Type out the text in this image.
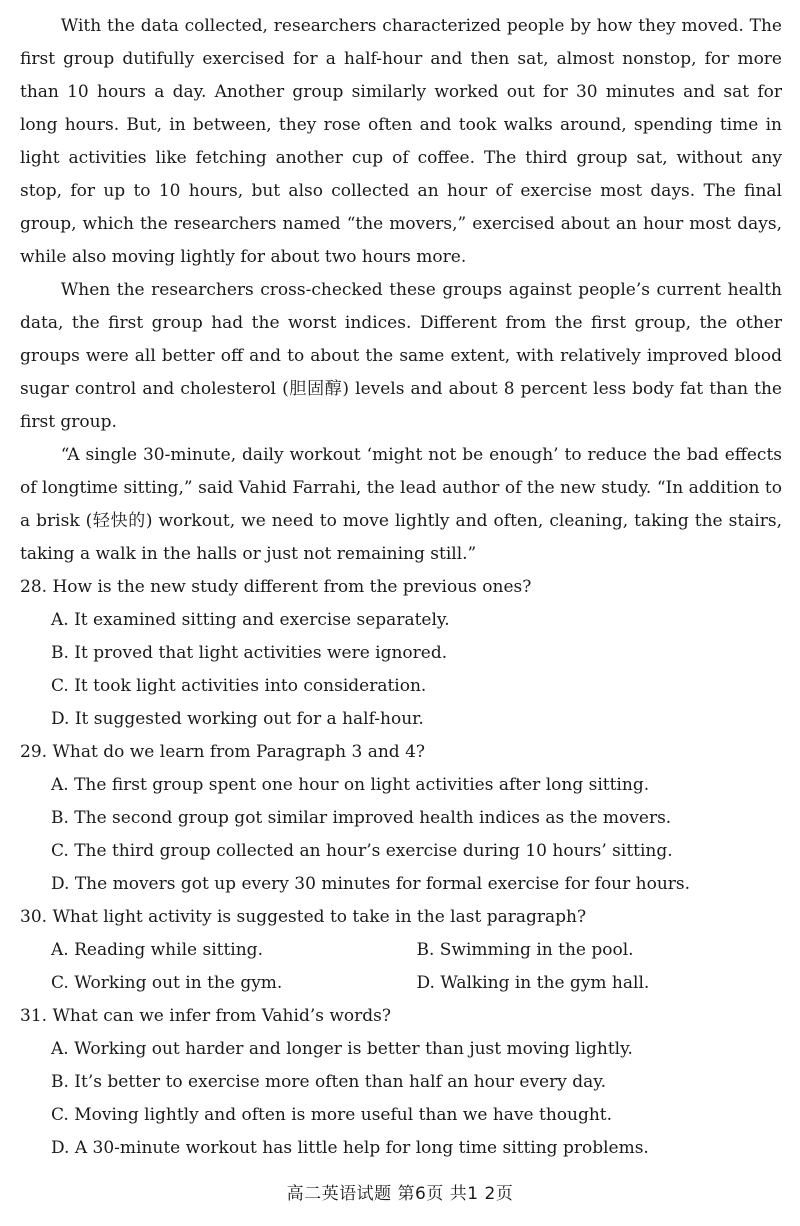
With the data collected, researchers characterized people by how they moved. The first group dutifully exercised for a half-hour and then sat, almost nonstop, for more than 10 hours a day. Another group similarly worked out for 30 minutes and sat for long hours. But, in between, they rose often and took walks around, spending time in light activities like fetching another cup of coffee. The third group sat, without any stop, for up to 10 hours, but also collected an hour of exercise most days. The final group, which the researchers named “the movers,” exercised about an hour most days, while also moving lightly for about two hours more.

When the researchers cross-checked these groups against people’s current health data, the first group had the worst indices. Different from the first group, the other groups were all better off and to about the same extent, with relatively improved blood sugar control and cholesterol (胆固醇) levels and about 8 percent less body fat than the first group.

“A single 30-minute, daily workout ‘might not be enough’ to reduce the bad effects of longtime sitting,” said Vahid Farrahi, the lead author of the new study. “In addition to a brisk (轻快的) workout, we need to move lightly and often, cleaning, taking the stairs, taking a walk in the halls or just not remaining still.”

28. How is the new study different from the previous ones?

A. It examined sitting and exercise separately.

B. It proved that light activities were ignored.

C. It took light activities into consideration.

D. It suggested working out for a half-hour.

29. What do we learn from Paragraph 3 and 4?

A. The first group spent one hour on light activities after long sitting.

B. The second group got similar improved health indices as the movers.

C. The third group collected an hour’s exercise during 10 hours’ sitting.

D. The movers got up every 30 minutes for formal exercise for four hours.

30. What light activity is suggested to take in the last paragraph?

A. Reading while sitting.	B. Swimming in the pool.
C. Working out in the gym.	D. Walking in the gym hall.

31. What can we infer from Vahid’s words?

A. Working out harder and longer is better than just moving lightly.

B. It’s better to exercise more often than half an hour every day.

C. Moving lightly and often is more useful than we have thought.

D. A 30-minute workout has little help for long time sitting problems.

高二英语试题 第6页 共1 2页
